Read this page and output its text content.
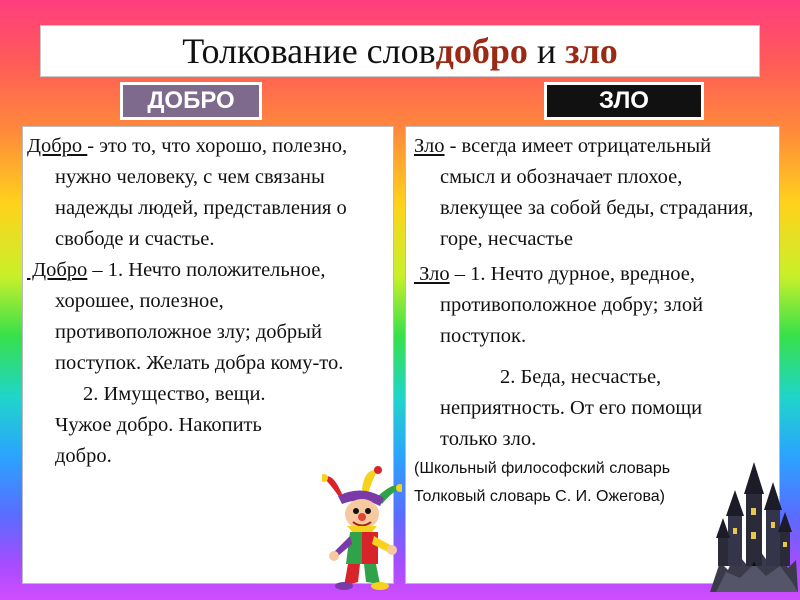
Толкование слов добро и зло
ДОБРО	ЗЛО

Добро - это то, что хорошо, полезно, нужно человеку, с чем связаны надежды людей, представления о свободе и счастье.

Добро – 1. Нечто положительное, хорошее, полезное, противоположное злу; добрый поступок. Желать добра кому-то.

2. Имущество, вещи. Чужое добро. Накопить добро.

Зло - всегда имеет отрицательный смысл и обозначает плохое, влекущее за собой беды, страдания, горе, несчастье

Зло – 1. Нечто дурное, вредное, противоположное добру; злой поступок.

2. Беда, несчастье, неприятность. От его помощи только зло.

(Школьный философский словарь

Толковый словарь С. И. Ожегова)
